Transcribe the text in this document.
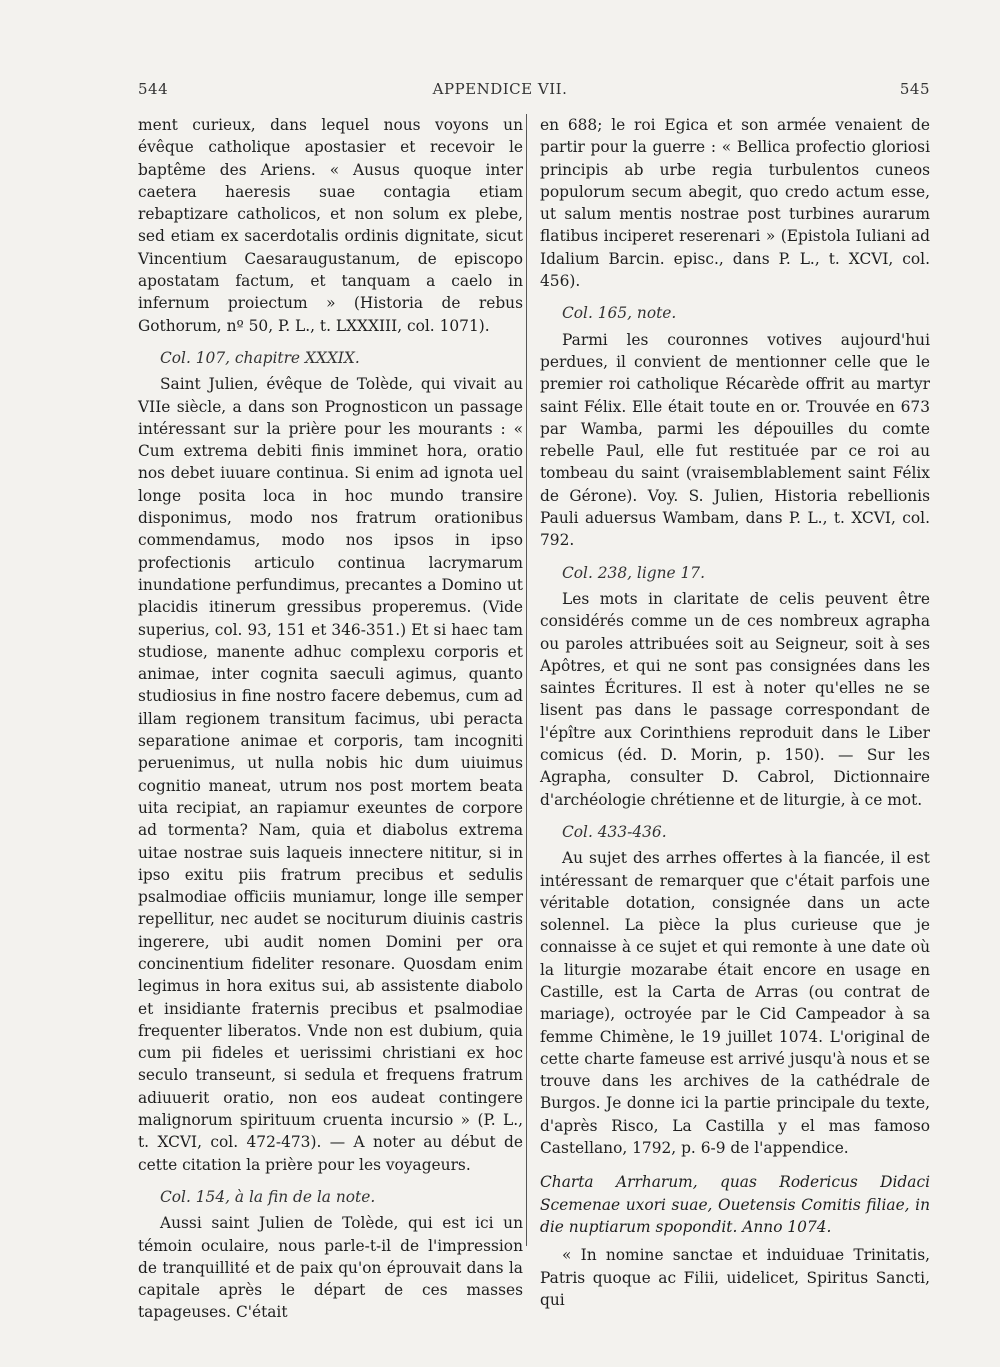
544	APPENDICE VII.	545

ment curieux, dans lequel nous voyons un évêque catholique apostasier et recevoir le baptême des Ariens. « Ausus quoque inter caetera haeresis suae contagia etiam rebaptizare catholicos, et non solum ex plebe, sed etiam ex sacerdotalis ordinis dignitate, sicut Vincentium Caesaraugustanum, de episcopo apostatam factum, et tanquam a caelo in infernum proiectum » (Historia de rebus Gothorum, nº 50, P. L., t. LXXXIII, col. 1071).

Col. 107, chapitre XXXIX.

Saint Julien, évêque de Tolède, qui vivait au VIIe siècle, a dans son Prognosticon un passage intéressant sur la prière pour les mourants : « Cum extrema debiti finis imminet hora, oratio nos debet iuuare continua. Si enim ad ignota uel longe posita loca in hoc mundo transire disponimus, modo nos fratrum orationibus commendamus, modo nos ipsos in ipso profectionis articulo continua lacrymarum inundatione perfundimus, precantes a Domino ut placidis itinerum gressibus properemus. (Vide superius, col. 93, 151 et 346-351.) Et si haec tam studiose, manente adhuc complexu corporis et animae, inter cognita saeculi agimus, quanto studiosius in fine nostro facere debemus, cum ad illam regionem transitum facimus, ubi peracta separatione animae et corporis, tam incogniti peruenimus, ut nulla nobis hic dum uiuimus cognitio maneat, utrum nos post mortem beata uita recipiat, an rapiamur exeuntes de corpore ad tormenta? Nam, quia et diabolus extrema uitae nostrae suis laqueis innectere nititur, si in ipso exitu piis fratrum precibus et sedulis psalmodiae officiis muniamur, longe ille semper repellitur, nec audet se nociturum diuinis castris ingerere, ubi audit nomen Domini per ora concinentium fideliter resonare. Quosdam enim legimus in hora exitus sui, ab assistente diabolo et insidiante fraternis precibus et psalmodiae frequenter liberatos. Vnde non est dubium, quia cum pii fideles et uerissimi christiani ex hoc seculo transeunt, si sedula et frequens fratrum adiuuerit oratio, non eos audeat contingere malignorum spirituum cruenta incursio » (P. L., t. XCVI, col. 472-473). — A noter au début de cette citation la prière pour les voyageurs.

Col. 154, à la fin de la note.

Aussi saint Julien de Tolède, qui est ici un témoin oculaire, nous parle-t-il de l'impression de tranquillité et de paix qu'on éprouvait dans la capitale après le départ de ces masses tapageuses. C'était

en 688; le roi Egica et son armée venaient de partir pour la guerre : « Bellica profectio gloriosi principis ab urbe regia turbulentos cuneos populorum secum abegit, quo credo actum esse, ut salum mentis nostrae post turbines aurarum flatibus inciperet reserenari » (Epistola Iuliani ad Idalium Barcin. episc., dans P. L., t. XCVI, col. 456).

Col. 165, note.

Parmi les couronnes votives aujourd'hui perdues, il convient de mentionner celle que le premier roi catholique Récarède offrit au martyr saint Félix. Elle était toute en or. Trouvée en 673 par Wamba, parmi les dépouilles du comte rebelle Paul, elle fut restituée par ce roi au tombeau du saint (vraisemblablement saint Félix de Gérone). Voy. S. Julien, Historia rebellionis Pauli aduersus Wambam, dans P. L., t. XCVI, col. 792.

Col. 238, ligne 17.

Les mots in claritate de celis peuvent être considérés comme un de ces nombreux agrapha ou paroles attribuées soit au Seigneur, soit à ses Apôtres, et qui ne sont pas consignées dans les saintes Écritures. Il est à noter qu'elles ne se lisent pas dans le passage correspondant de l'épître aux Corinthiens reproduit dans le Liber comicus (éd. D. Morin, p. 150). — Sur les Agrapha, consulter D. Cabrol, Dictionnaire d'archéologie chrétienne et de liturgie, à ce mot.

Col. 433-436.

Au sujet des arrhes offertes à la fiancée, il est intéressant de remarquer que c'était parfois une véritable dotation, consignée dans un acte solennel. La pièce la plus curieuse que je connaisse à ce sujet et qui remonte à une date où la liturgie mozarabe était encore en usage en Castille, est la Carta de Arras (ou contrat de mariage), octroyée par le Cid Campeador à sa femme Chimène, le 19 juillet 1074. L'original de cette charte fameuse est arrivé jusqu'à nous et se trouve dans les archives de la cathédrale de Burgos. Je donne ici la partie principale du texte, d'après Risco, La Castilla y el mas famoso Castellano, 1792, p. 6-9 de l'appendice.

Charta Arrharum, quas Rodericus Didaci Scemenae uxori suae, Ouetensis Comitis filiae, in die nuptiarum spopondit. Anno 1074.

« In nomine sanctae et induiduae Trinitatis, Patris quoque ac Filii, uidelicet, Spiritus Sancti, qui
